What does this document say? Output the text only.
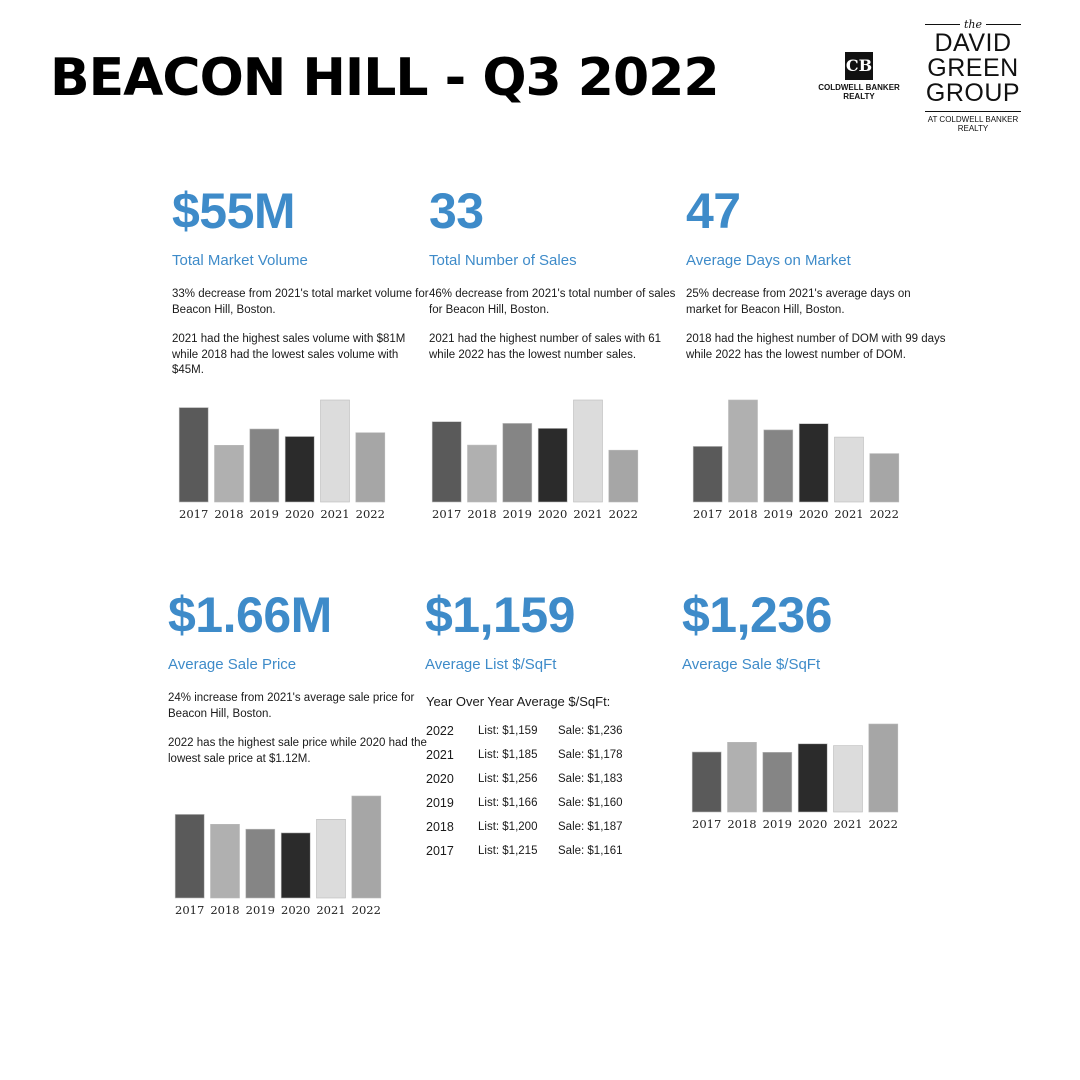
BEACON HILL - Q3 2022	CB
COLDWELL BANKER
REALTY
the
DAVID
GREEN
GROUP
AT COLDWELL BANKER
REALTY
$55M
Total Market Volume

33% decrease from 2021's total market volume for Beacon Hill, Boston.

2021 had the highest sales volume with $81M while 2018 had the lowest sales volume with $45M.

33
Total Number of Sales

46% decrease from 2021's total number of sales for Beacon Hill, Boston.

2021 had the highest number of sales with 61 while 2022 has the lowest number sales.

47
Average Days on Market

25% decrease from 2021's average days on market for Beacon Hill, Boston.

2018 had the highest number of DOM with 99 days while 2022 has the lowest number of DOM.

$1.66M
Average Sale Price

24% increase from 2021's average sale price for Beacon Hill, Boston.

2022 has the highest sale price while 2020 had the lowest sale price at $1.12M.

$1,159
Average List $/SqFt
$1,236
Average Sale $/SqFt
Year Over Year Average $/SqFt:
2022	List: $1,159	Sale: $1,236
2021	List: $1,185	Sale: $1,178
2020	List: $1,256	Sale: $1,183
2019	List: $1,166	Sale: $1,160
2018	List: $1,200	Sale: $1,187
2017	List: $1,215	Sale: $1,161
2017 2018 2019 2020 2021 2022	2017 2018 2019 2020 2021 2022	2017 2018 2019 2020 2021 2022
2017 2018 2019 2020 2021 2022
2017 2018 2019 2020 2021 2022
